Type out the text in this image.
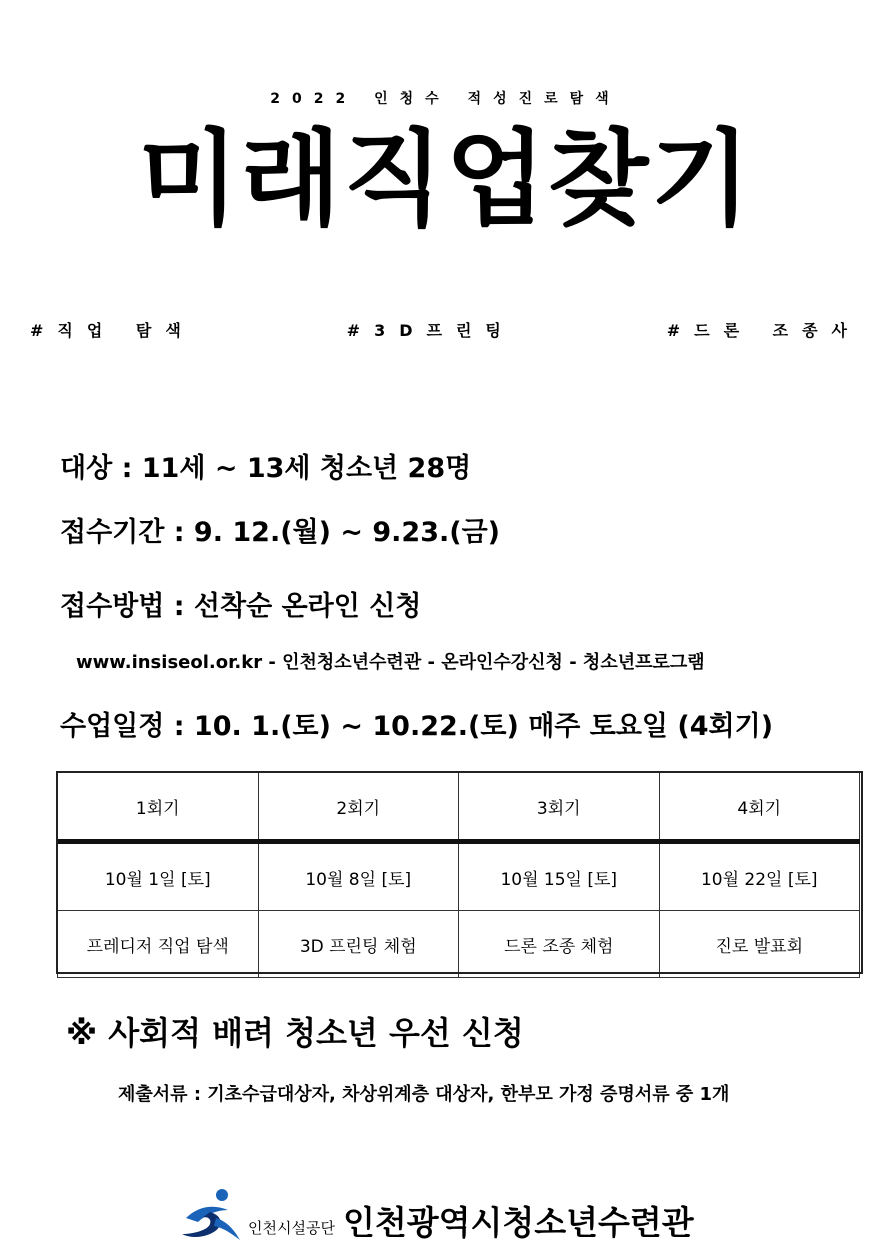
2022 인청수 적성진로탐색
미래직업찾기
#직업 탐색	#3D프린팅	#드론 조종사
대상 : 11세 ~ 13세 청소년 28명
접수기간 : 9. 12.(월) ~ 9.23.(금)
접수방법 : 선착순 온라인 신청
www.insiseol.or.kr - 인천청소년수련관 - 온라인수강신청 - 청소년프로그램
수업일정 : 10. 1.(토) ~ 10.22.(토) 매주 토요일 (4회기)
1회기	2회기	3회기	4회기
10월 1일 [토]	10월 8일 [토]	10월 15일 [토]	10월 22일 [토]
프레디저 직업 탐색	3D 프린팅 체험	드론 조종 체험	진로 발표회
※ 사회적 배려 청소년 우선 신청
제출서류 : 기초수급대상자, 차상위계층 대상자, 한부모 가정 증명서류 중 1개
인천시설공단 인천광역시청소년수련관
